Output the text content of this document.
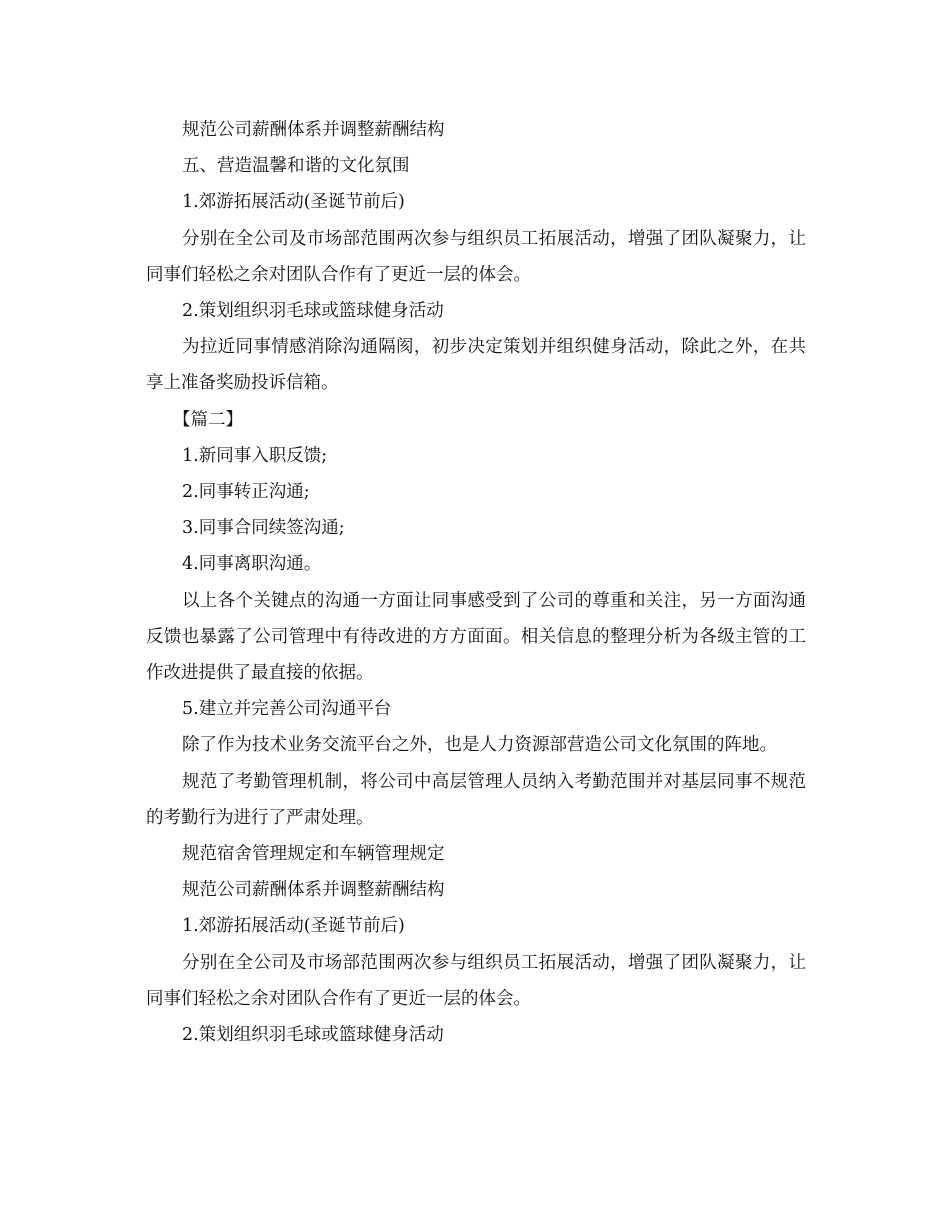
规范公司薪酬体系并调整薪酬结构

五、营造温馨和谐的文化氛围

1.郊游拓展活动(圣诞节前后)

分别在全公司及市场部范围两次参与组织员工拓展活动，增强了团队凝聚力，让同事们轻松之余对团队合作有了更近一层的体会。

2.策划组织羽毛球或篮球健身活动

为拉近同事情感消除沟通隔阂，初步决定策划并组织健身活动，除此之外，在共享上准备奖励投诉信箱。

【篇二】

1.新同事入职反馈;

2.同事转正沟通;

3.同事合同续签沟通;

4.同事离职沟通。

以上各个关键点的沟通一方面让同事感受到了公司的尊重和关注，另一方面沟通反馈也暴露了公司管理中有待改进的方方面面。相关信息的整理分析为各级主管的工作改进提供了最直接的依据。

5.建立并完善公司沟通平台

除了作为技术业务交流平台之外，也是人力资源部营造公司文化氛围的阵地。

规范了考勤管理机制，将公司中高层管理人员纳入考勤范围并对基层同事不规范的考勤行为进行了严肃处理。

规范宿舍管理规定和车辆管理规定

规范公司薪酬体系并调整薪酬结构

1.郊游拓展活动(圣诞节前后)

分别在全公司及市场部范围两次参与组织员工拓展活动，增强了团队凝聚力，让同事们轻松之余对团队合作有了更近一层的体会。

2.策划组织羽毛球或篮球健身活动
